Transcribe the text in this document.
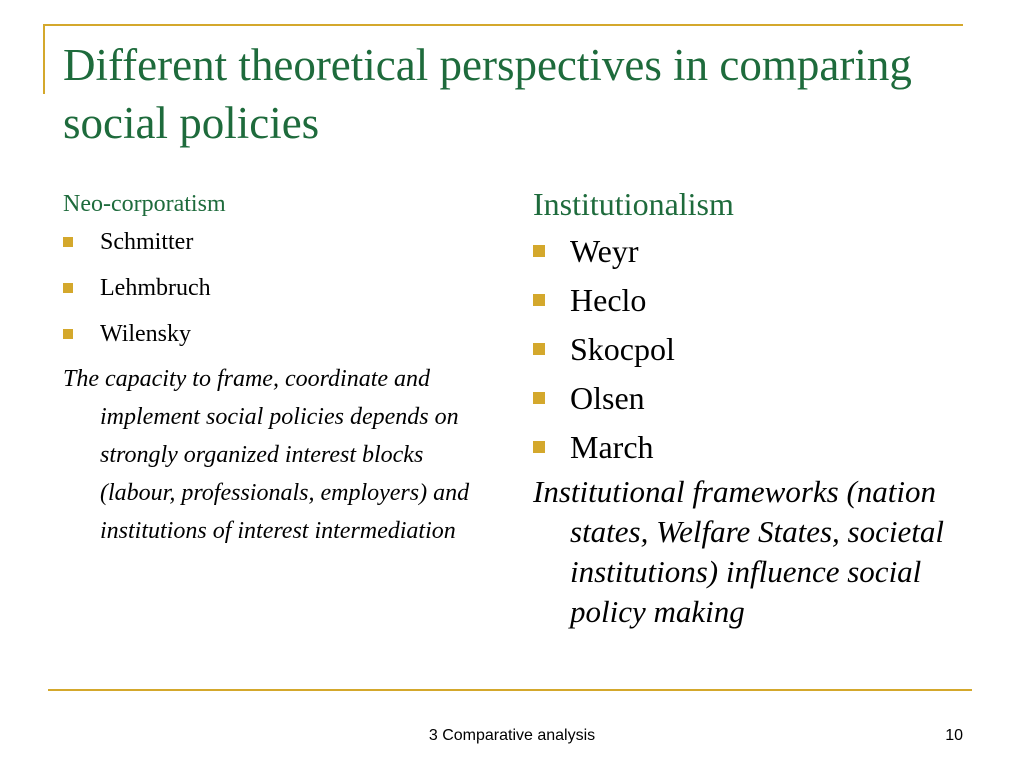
Different theoretical perspectives in comparing social policies
Neo-corporatism
Schmitter
Lehmbruch
Wilensky
The capacity to frame, coordinate and implement social policies depends on strongly organized interest blocks (labour, professionals, employers) and institutions of interest intermediation
Institutionalism
Weyr
Heclo
Skocpol
Olsen
March
Institutional frameworks (nation states, Welfare States, societal institutions) influence social policy making
3 Comparative analysis	10
